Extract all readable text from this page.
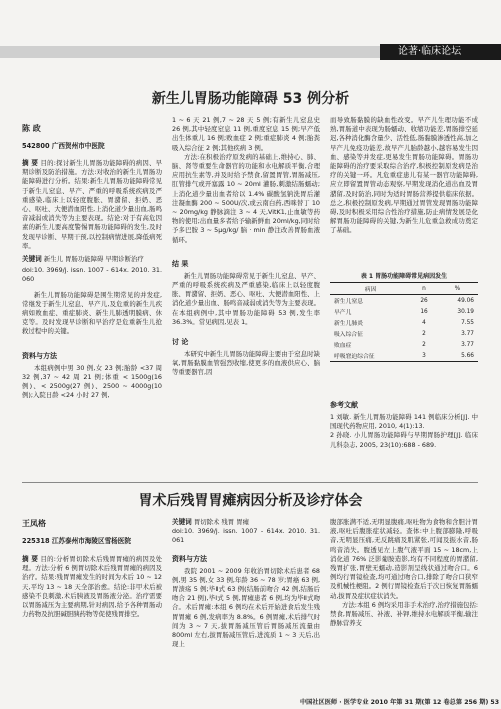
论著·临床论坛
新生儿胃肠功能障碍 53 例分析
陈 政
542800 广西贺州市中医院
摘 要 目的:探讨新生儿胃肠功能障碍的病因、早期诊断及防治措施。方法:对收治的新生儿胃肠功能障碍进行分析。结果:新生儿胃肠功能障碍常见于新生儿窒息、早产、严重的呼吸系统疾病及严重感染,临床上以轻度腹胀、胃潴留、拒奶、恶心、呕吐、大便潜血阳性,上消化道少量出血,肠鸣音减弱或消失等为主要表现。结论:对于有高危因素的新生儿要高度警惕胃肠功能障碍的发生,及时发现早诊断、早期干预,以控制病情进展,降低病死率。
关键词 新生儿 胃肠功能障碍 早期诊断治疗
doi:10. 3969/j. issn. 1007 - 614x. 2010. 31. 060
新生儿胃肠功能障碍是围生期常见的并发症,常继发于新生儿窒息、早产儿,及危重的新生儿疾病如败血症、重症肺炎、新生儿肺透明膜病、休克等。及时发现早诊断和早治疗是危重新生儿抢救过程中的关键。
资料与方法
本组病例中男 30 例,女 23 例;胎龄 <37 周 32 例,37 ~ 42 周 21 例;体重 < 1500g(16 例)、< 2500g(27 例)、2500 ~ 4000g(10 例);入院日龄 <24 小时 27 例,
1 ~ 6 天 21 例,7 ~ 28 天 5 例;有新生儿窒息史 26 例,其中轻度窒息 11 例,重度窒息 15 例;早产低出生体重儿 16 例;败血症 2 例;重症肺炎 4 例;胎粪吸入综合征 2 例;其他疾病 3 例。
方法:在积极治疗原发病的基础上,维持心、肺、脑、肾等重要生命器官的功能和水电解质平衡,合理应用抗生素等,并及时给予禁食,留置胃管,胃肠减压,肛管排气或开塞露 10 ~ 20ml 灌肠,刺激结肠蠕动;上消化道少量出血者给以 1.4% 碳酸氢钠洗胃后灌注凝血酶 200 ~ 500U/次,或云南白药,西咪替丁 10 ~ 20mg/kg 静脉滴注 3 ~ 4 天,VitK1,止血敏等药物的使用;出血量多者给予输新鲜血 20ml/kg,同时给予多巴胺 3 ~ 5μg/kg/ 脑 · min 静注改善胃肠血液循环。
结 果
新生儿胃肠功能障碍常见于新生儿窒息、早产、严重的呼吸系统疾病及严重感染,临床上以轻度腹胀、胃潴留、拒奶、恶心、呕吐、大便潜血阳性、上消化道少量出血、肠鸣音减弱或消失等为主要表现。在本组病例中,其中胃肠功能障碍 53 例,发生率 36.3%。常见病因,见表 1。
讨 论
本研究中新生儿胃肠功能障碍主要由于窒息时缺氧,胃肠黏膜血管强烈收缩,使更多的血液供应心、脑等重要器官,因
而导致肠黏膜的缺血性改变。早产儿生理功能不成熟,胃肠道中表现为肠蠕动、收缩功能差,胃肠排空延迟,各种消化酶含量少、活性低,肠黏膜渗透性高,加之早产儿免疫功能差,故早产儿胎龄越小,越容易发生因血、感染等并发症,更易发生胃肠功能障碍。胃肠功能障碍的治疗要采取综合治疗,积极控制原发病是治疗的关键一环。凡危重症患儿有某一器官功能障碍,应立即留置胃管动态观察,早期发现消化道出血及胃潴留,及时防治,同时为适时胃肠营养提供临床依据。总之,积极控制原发病,早期通过胃管发现胃肠功能障碍,及时积极采用综合性治疗措施,防止病情发展是化解胃肠功能障碍的关键,为新生儿危重急救成功奠定了基础。
表 1 胃肠功能障碍常见病因发生
病因	n	%
新生儿窒息	26	49.06
早产儿	16	30.19
新生儿肺炎	4	7.55
吸入综合征	2	3.77
败血症	2	3.77
呼吸窘迫综合征	3	5.66
参考文献
1 刘敏. 新生儿胃肠功能障碍 141 例临床分析[J]. 中国现代药物应用, 2010, 4(1):13.
2 孙晓. 小儿胃肠功能障碍与早期胃肠护理[J]. 临床儿科杂志, 2005, 23(10):688 - 689.
胃术后残胃胃瘫病因分析及诊疗体会
王凤格
225318 江苏泰州市海陵区雪杨医院
摘 要 目的:分析胃切除术后残胃胃瘫的病因及处理。方法:分析 6 例胃切除术后残胃胃瘫的病因及治疗。结果:残胃胃瘫发生的时间为术后 10 ~ 12 天,平均 13 ~ 18 天全部治愈。结论:非甲术后被感染不良刺激,术后胰液及胃肠液分泌。治疗需要以胃肠减压为主要病期,针对病因,给予各种胃肠动力药物及抗胆碱胆胰药物等促使残胃排空。
关键词 胃切除术 残胃 胃瘫
doi:10. 3969/j. issn. 1007 - 614x. 2010. 31. 061
资料与方法
我院 2001 ~ 2009 年收治胃切除术后患者 68 例,男 35 例,女 33 例,年龄 36 ~ 78 岁;胃癌 63 例,胃溃疡 5 例;毕Ⅱ式 63 例(结肠前吻合 42 例,结肠后吻合 21 例),毕Ⅰ式 5 例,胃瘫患者 6 例,均为毕Ⅱ式吻合。术后胃瘫:本组 6 例均在术后开始进食后发生残胃胃瘫 6 例,发病率为 8.8%。6 例胃瘫,术后排气时间为 3 ~ 7 天,拔胃肠减压管后胃肠减压流量由 800ml 左右,拔胃肠减压管后,进流质 1 ~ 3 天后,出现上
腹部胀满不适,无明显腹痛,呕吐物为食物和含胆汁胃液,呕吐后腹胀症状减轻。查体:中上腹部膨隆,呼吸音,无明显压痛,无反跳痛及肌紧张,可闻及振水音,肠鸣音消失。腹透见左上腹气液平面 15 ~ 18cm,上消化道 76% 泛影葡胺造影,均有不同程度的胃潴留,残胃扩张,胃壁无蠕动,造影剂呈线状通过吻合口。6 例均行胃镜检查,均可通过吻合口,排除了吻合口狭窄及机械性梗阻。2 例行胃镜检查后于次日恢复胃肠蠕动,拔胃及症状症状消失。
方法:本组 6 例均采用非手术治疗,治疗措施包括:禁食,胃肠减压、补液、补钾,维持水电解质平衡,输注静脉营养支
中国社区医师 · 医学专业 2010 年第 31 期(第 12 卷总第 256 期) 53
